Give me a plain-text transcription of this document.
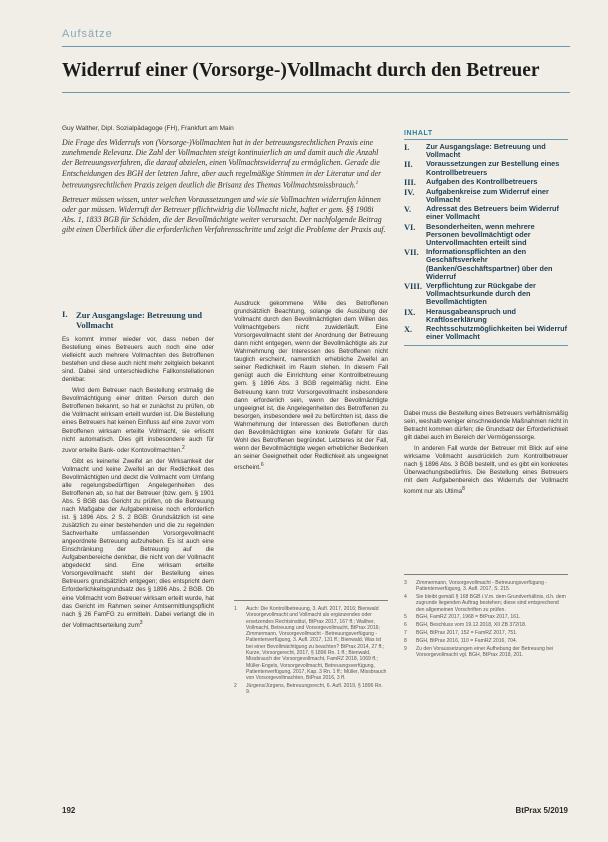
Aufsätze
Widerruf einer (Vorsorge-)Vollmacht durch den Betreuer
Guy Walther, Dipl. Sozialpädagoge (FH), Frankfurt am Main

Die Frage des Widerrufs von (Vorsorge-)Vollmachten hat in der betreuungsrechtlichen Praxis eine zunehmende Relevanz. Die Zahl der Vollmachten steigt kontinuierlich an und damit auch die Anzahl der Betreuungsverfahren, die darauf abzielen, einen Vollmachtswiderruf zu ermöglichen. Gerade die Entscheidungen des BGH der letzten Jahre, aber auch regelmäßige Stimmen in der Literatur und der betreuungsrechtlichen Praxis zeigen deutlich die Brisanz des Themas Vollmachtsmissbrauch.$^1$

Betreuer müssen wissen, unter welchen Voraussetzungen und wie sie Vollmachten widerrufen können oder gar müssen. Widerruft der Betreuer pflichtwidrig die Vollmacht nicht, haftet er gem. §§ 1908i Abs. 1, 1833 BGB für Schäden, die der Bevollmächtigte weiter verursacht. Der nachfolgende Beitrag gibt einen Überblick über die erforderlichen Verfahrensschritte und zeigt die Probleme der Praxis auf.

INHALT
I.	Zur Ausgangslage: Betreuung und Vollmacht
II.	Voraussetzungen zur Bestellung eines Kontrollbetreuers
III.	Aufgaben des Kontrollbetreuers
IV.	Aufgabenkreise zum Widerruf einer Vollmacht
V.	Adressat des Betreuers beim Widerruf einer Vollmacht
VI.	Besonderheiten, wenn mehrere Personen bevollmächtigt oder Untervollmachten erteilt sind
VII.	Informationspflichten an den Geschäftsverkehr (Banken/Geschäftspartner) über den Widerruf
VIII. Verpflichtung zur Rückgabe der Vollmachtsurkunde durch den Bevollmächtigten
IX.	Herausgabeanspruch und Kraftloserklärung
X.	Rechtsschutzmöglichkeiten bei Widerruf einer Vollmacht
I. Zur Ausgangslage: Betreuung und Vollmacht

Es kommt immer wieder vor, dass neben der Bestellung eines Betreuers auch noch eine oder vielleicht auch mehrere Vollmachten des Betroffenen bestehen und diese auch nicht mehr zeitgleich bekannt sind. Dabei sind unterschiedliche Fallkonstellationen denkbar.

Wird dem Betreuer nach Bestellung erstmalig die Bevollmächtigung einer dritten Person durch den Betroffenen bekannt, so hat er zunächst zu prüfen, ob die Vollmacht wirksam erteilt wurden ist. Die Bestellung eines Betreuers hat keinen Einfluss auf eine zuvor vom Betroffenen wirksam erteilte Vollmacht, sie erlischt nicht automatisch. Dies gilt insbesondere auch für zuvor erteilte Bank- oder Kontovollmachten.$^2$

Gibt es keinerlei Zweifel an der Wirksamkeit der Vollmacht und keine Zweifel an der Redlichkeit des Bevollmächtigten und deckt die Vollmacht vom Umfang alle regelungsbedürftigen Angelegenheiten des Betroffenen ab, so hat der Betreuer (bzw. gem. § 1901 Abs. 5 BGB das Gericht zu prüfen, ob die Betreuung nach Maßgabe der Aufgabenkreise noch erforderlich ist. § 1896 Abs. 2 S. 2 BGB: Grundsätzlich ist eine zusätzlich zu einer bestehenden und die zu regelnden Sachverhalte umfassenden Vorsorgevollmacht angeordnete Betreuung aufzuheben. Es ist auch eine Einschränkung der Betreuung auf die Aufgabenbereiche denkbar, die nicht von der Vollmacht abgedeckt sind. Eine wirksam erteilte Vorsorgevollmacht steht der Bestellung eines Betreuers grundsätzlich entgegen; dies entspricht dem Erforderlichkeitsgrundsatz des § 1896 Abs. 2 BGB. Ob eine Vollmacht vom Betreuer wirksam erteilt wurde, hat das Gericht im Rahmen seiner Amtsermittlungspflicht nach § 26 FamFG zu ermitteln. Dabei verlangt die in der Vollmachtserteilung zum$^3$

Ausdruck gekommene Wille des Betroffenen grundsätzlich Beachtung, solange die Ausübung der Vollmacht durch den Bevollmächtigten dem Willen des Vollmachtgebers nicht zuwiderläuft. Eine Vorsorgevollmacht steht der Anordnung der Betreuung dann nicht entgegen, wenn der Bevollmächtigte als zur Wahrnehmung der Interessen des Betroffenen nicht tauglich erscheint, namentlich erhebliche Zweifel an seiner Redlichkeit im Raum stehen. In diesem Fall genügt auch die Einrichtung einer Kontrollbetreuung gem. § 1896 Abs. 3 BGB regelmäßig nicht. Eine Betreuung kann trotz Vorsorgevollmacht insbesondere dann erforderlich sein, wenn der Bevollmächtigte ungeeignet ist, die Angelegenheiten des Betroffenen zu besorgen, insbesondere weil zu befürchten ist, dass die Wahrnehmung der Interessen des Betroffenen durch den Bevollmächtigten eine konkrete Gefahr für das Wohl des Betroffenen begründet. Letzteres ist der Fall, wenn der Bevollmächtigte wegen erheblicher Bedenken an seiner Geeignetheit oder Redlichkeit als ungeeignet erscheint.$^6$

1	Auch: Die Kontrollbetreuung, 3. Aufl. 2017, 2016; Bienwald Vorsorgevollmacht und Vollmacht als ergänzendes oder ersetzendes Rechtsinstitut, BtPrax 2017, 167 ff.; Walther, Vollmacht, Betreuung und Vorsorgevollmacht, BtPrax 2016; Zimmermann, Vorsorgevollmacht - Betreuungsverfügung - Patientenverfügung, 3. Aufl. 2017, 131 ff.; Bienwald, Was ist bei einer Bevollmächtigung zu beachten? BtPrax 2014, 27 ff.; Kurze, Vorsorgerecht, 2017, § 1896 Rn. 1 ff.; Bienwald, Missbrauch der Vorsorgevollmacht, FamRZ 2018, 1069 ff.; Müller-Engels, Vorsorgevollmacht, Betreuungsverfügung, Patientenverfügung, 2017, Kap. 3 Rn. 1 ff.; Müller, Missbrauch von Vorsorgevollmachten, BtPrax 2016, 3 ff.
2	Jürgens/Jürgens, Betreuungsrecht, 6. Aufl. 2019, § 1896 Rn. 9.

Dabei muss die Bestellung eines Betreuers verhältnismäßig sein, weshalb weniger einschneidende Maßnahmen nicht in Betracht kommen dürfen; die Grundsatz der Erforderlichkeit gilt dabei auch im Bereich der Vermögenssorge.

In anderen Fall wurde der Betreuer mit Blick auf eine wirksame Vollmacht ausdrücklich zum Kontrollbetreuer nach § 1896 Abs. 3 BGB bestellt, und es gibt ein konkretes Überwachungsbedürfnis. Die Bestellung eines Betreuers mit dem Aufgabenbereich des Widerrufs der Vollmacht kommt nur als Ultima$^8$

3	Zimmermann, Vorsorgevollmacht - Betreuungsverfügung - Patientenverfügung, 3. Aufl. 2017, S. 215.
4	Sie bleibt gemäß § 168 BGB i.V.m. dem Grundverhältnis, d.h. dem zugrunde liegenden Auftrag bestehen; diese sind entsprechend den allgemeinen Vorschriften zu prüfen.
5	BGH, FamRZ 2017, 1968 = BtPrax 2017, 161.
6	BGH, Beschluss vom 19.12.2018, XII ZB 372/18.
7	BGH, BtPrax 2017, 152 = FamRZ 2017, 751.
8	BGH, BtPrax 2016, 110 = FamRZ 2016, 704.
9	Zu den Voraussetzungen einer Aufhebung der Betreuung bei Vorsorgevollmacht vgl. BGH, BtPrax 2018, 201.
192	BtPrax 5/2019
